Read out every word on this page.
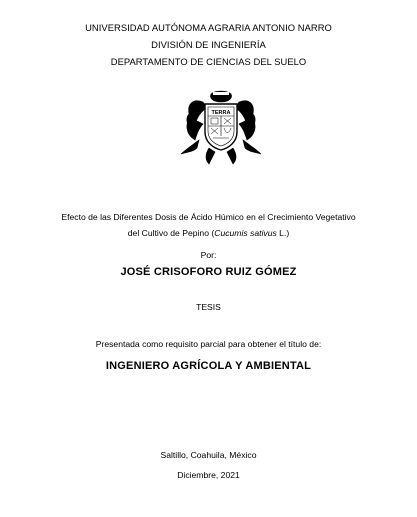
UNIVERSIDAD AUTÓNOMA AGRARIA ANTONIO NARRO
DIVISIÓN DE INGENIERÍA
DEPARTAMENTO DE CIENCIAS DEL SUELO
TERRA
Efecto de las Diferentes Dosis de Ácido Húmico en el Crecimiento Vegetativo
del Cultivo de Pepino (Cucumis sativus L.)
Por:
JOSÉ CRISOFORO RUIZ GÓMEZ
TESIS
Presentada como requisito parcial para obtener el título de:
INGENIERO AGRÍCOLA Y AMBIENTAL
Saltillo, Coahuila, México
Diciembre, 2021
